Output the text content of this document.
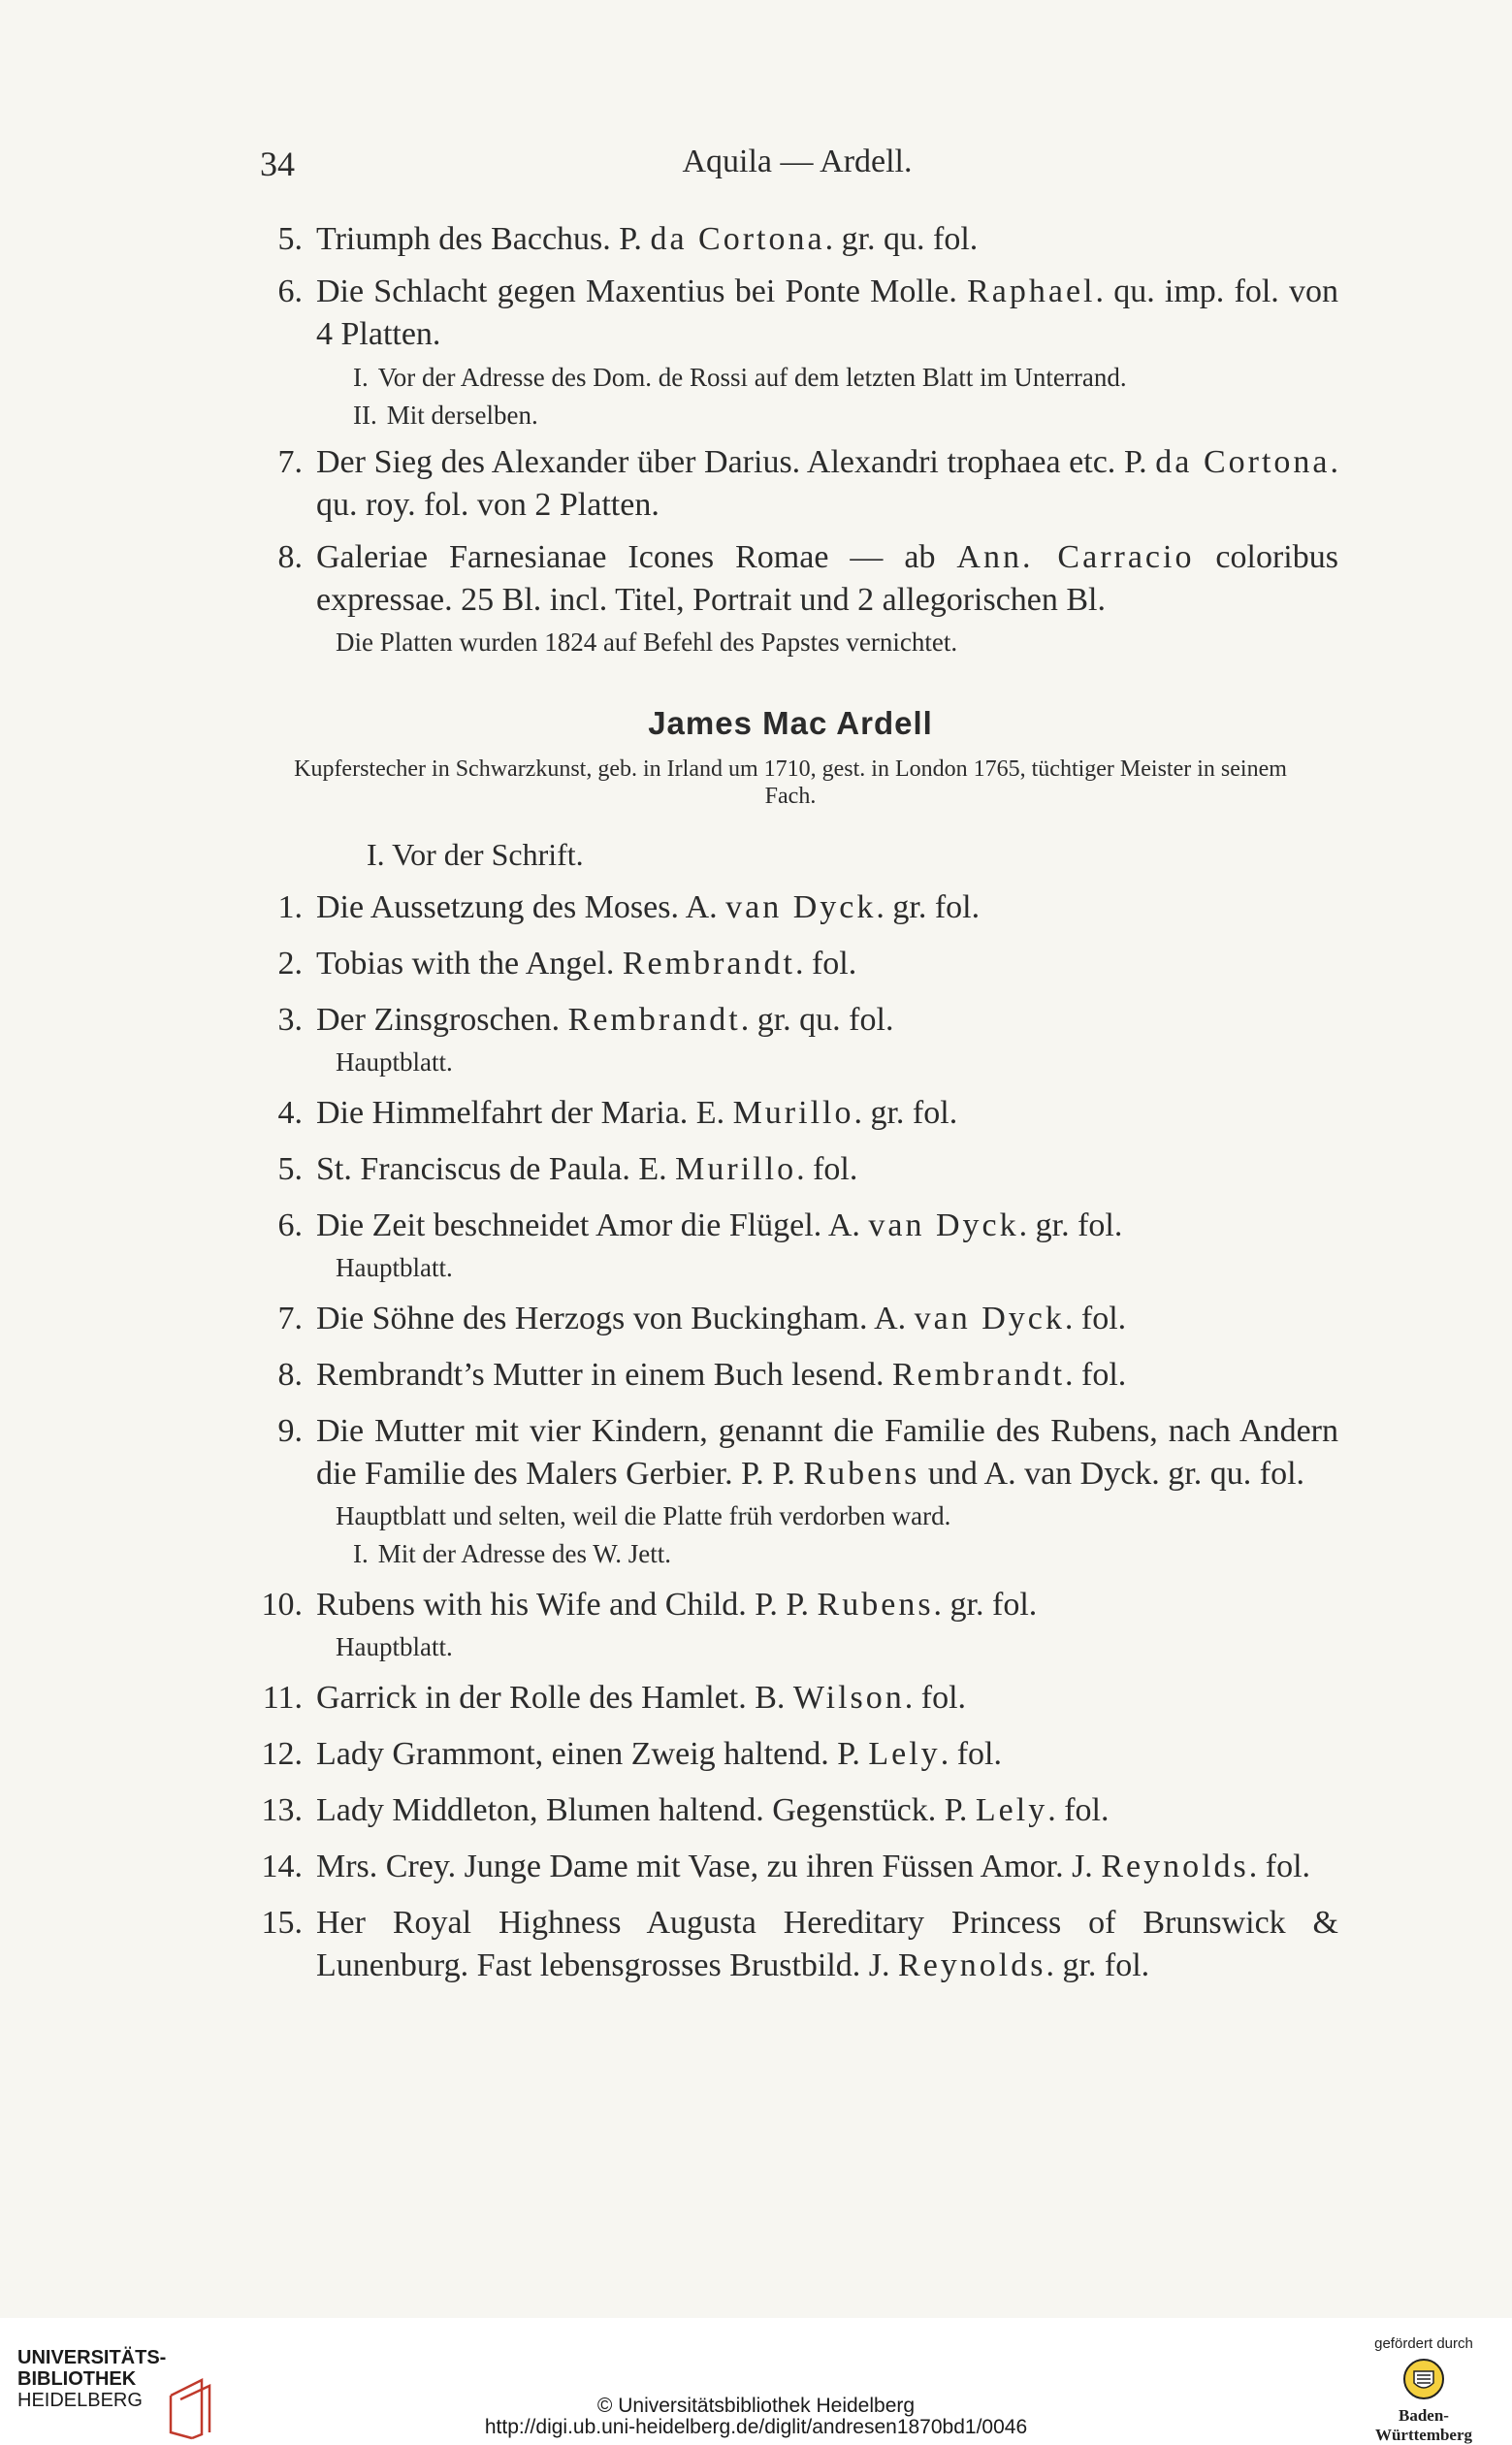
34	Aquila — Ardell.
5. Triumph des Bacchus. P. da Cortona. gr. qu. fol.
6. Die Schlacht gegen Maxentius bei Ponte Molle. Raphael. qu. imp. fol. von 4 Platten.
I. Vor der Adresse des Dom. de Rossi auf dem letzten Blatt im Unterrand.
II. Mit derselben.
7. Der Sieg des Alexander über Darius. Alexandri trophaea etc. P. da Cortona. qu. roy. fol. von 2 Platten.
8. Galeriae Farnesianae Icones Romae — ab Ann. Carracio coloribus expressae. 25 Bl. incl. Titel, Portrait und 2 allegorischen Bl.
Die Platten wurden 1824 auf Befehl des Papstes vernichtet.
James Mac Ardell
Kupferstecher in Schwarzkunst, geb. in Irland um 1710, gest. in London 1765, tüchtiger Meister in seinem Fach.
I. Vor der Schrift.
1. Die Aussetzung des Moses. A. van Dyck. gr. fol.
2. Tobias with the Angel. Rembrandt. fol.
3. Der Zinsgroschen. Rembrandt. gr. qu. fol.
Hauptblatt.
4. Die Himmelfahrt der Maria. E. Murillo. gr. fol.
5. St. Franciscus de Paula. E. Murillo. fol.
6. Die Zeit beschneidet Amor die Flügel. A. van Dyck. gr. fol.
Hauptblatt.
7. Die Söhne des Herzogs von Buckingham. A. van Dyck. fol.
8. Rembrandt’s Mutter in einem Buch lesend. Rembrandt. fol.
9. Die Mutter mit vier Kindern, genannt die Familie des Rubens, nach Andern die Familie des Malers Gerbier. P. P. Rubens und A. van Dyck. gr. qu. fol.
Hauptblatt und selten, weil die Platte früh verdorben ward.
I. Mit der Adresse des W. Jett.
10. Rubens with his Wife and Child. P. P. Rubens. gr. fol.
Hauptblatt.
11. Garrick in der Rolle des Hamlet. B. Wilson. fol.
12. Lady Grammont, einen Zweig haltend. P. Lely. fol.
13. Lady Middleton, Blumen haltend. Gegenstück. P. Lely. fol.
14. Mrs. Crey. Junge Dame mit Vase, zu ihren Füssen Amor. J. Reynolds. fol.
15. Her Royal Highness Augusta Hereditary Princess of Brunswick & Lunenburg. Fast lebensgrosses Brustbild. J. Reynolds. gr. fol.
UNIVERSITÄTS-
BIBLIOTHEK
HEIDELBERG	© Universitätsbibliothek Heidelberg
http://digi.ub.uni-heidelberg.de/diglit/andresen1870bd1/0046
gefördert durch
Baden-Württemberg
